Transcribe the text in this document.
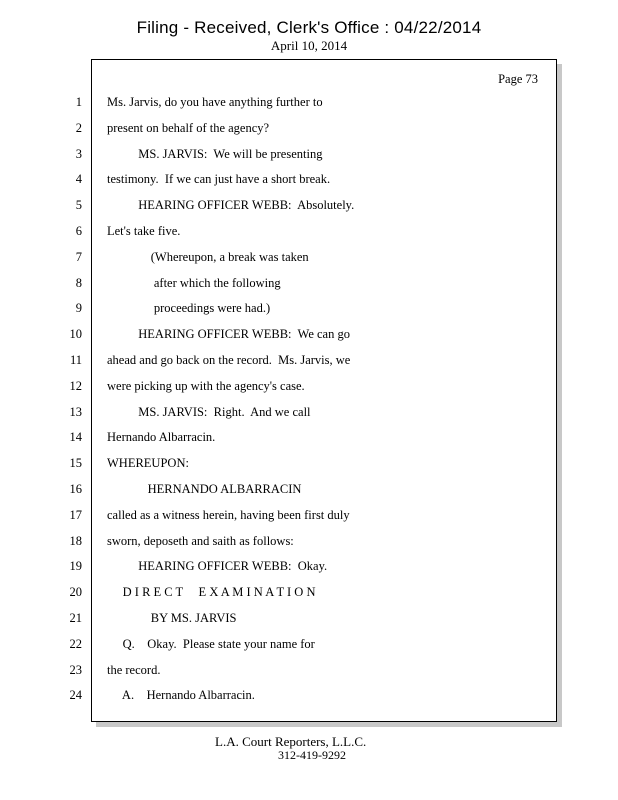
Filing - Received, Clerk's Office : 04/22/2014
April 10, 2014
Page 73
1
2
3
4
5
6
7
8
9
10
11
12
13
14
15
16
17
18
19
20
21
22
23
24
Ms. Jarvis, do you have anything further to
present on behalf of the agency?
MS. JARVIS:  We will be presenting
testimony.  If we can just have a short break.
HEARING OFFICER WEBB:  Absolutely.
Let's take five.
(Whereupon, a break was taken
after which the following
proceedings were had.)
HEARING OFFICER WEBB:  We can go
ahead and go back on the record.  Ms. Jarvis, we
were picking up with the agency's case.
MS. JARVIS:  Right.  And we call
Hernando Albarracin.
WHEREUPON:
HERNANDO ALBARRACIN
called as a witness herein, having been first duly
sworn, deposeth and saith as follows:
HEARING OFFICER WEBB:  Okay.
D I R E C T     E X A M I N A T I O N
BY MS. JARVIS
Q.    Okay.  Please state your name for
the record.
A.    Hernando Albarracin.
L.A. Court Reporters, L.L.C.
312-419-9292
